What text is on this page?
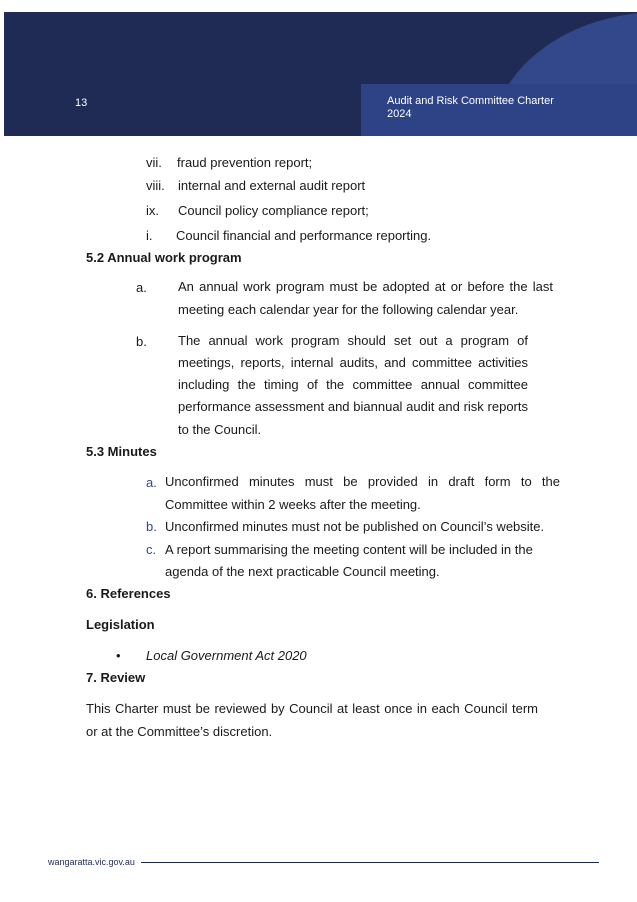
13	Audit and Risk Committee Charter
2024
vii. fraud prevention report;
viii. internal and external audit report
ix. Council policy compliance report;
i. Council financial and performance reporting.
5.2 Annual work program
a. An annual work program must be adopted at or before the last
meeting each calendar year for the following calendar year.
b. The annual work program should set out a program of
meetings, reports, internal audits, and committee activities
including the timing of the committee annual committee
performance assessment and biannual audit and risk reports
to the Council.
5.3 Minutes
a. Unconfirmed minutes must be provided in draft form to the
Committee within 2 weeks after the meeting.
b. Unconfirmed minutes must not be published on Council’s website.
c. A report summarising the meeting content will be included in the
agenda of the next practicable Council meeting.
6. References
Legislation
• Local Government Act 2020
7. Review
This Charter must be reviewed by Council at least once in each Council term
or at the Committee’s discretion.
wangaratta.vic.gov.au
